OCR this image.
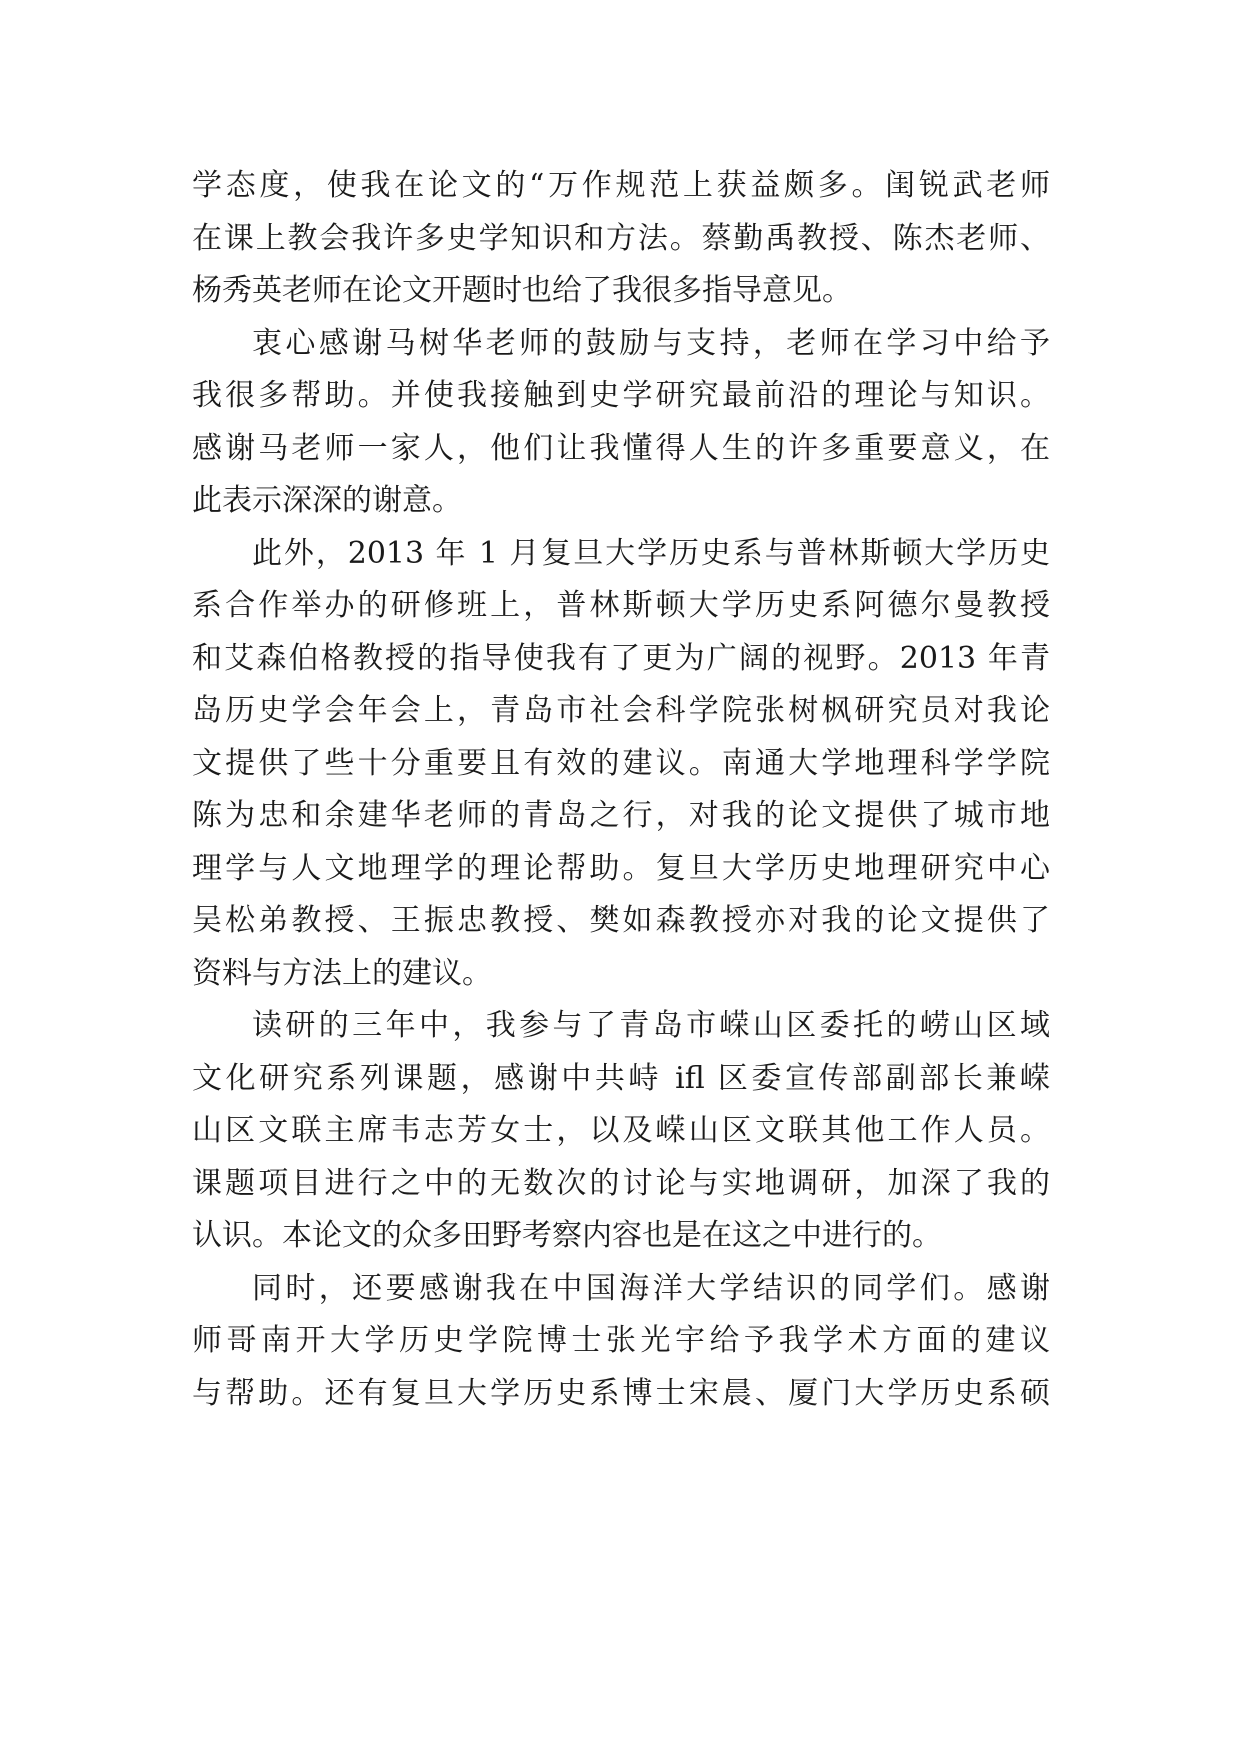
学态度，使我在论文的“万作规范上获益颇多。闺锐武老师
在课上教会我许多史学知识和方法。蔡勤禹教授、陈杰老师、
杨秀英老师在论文开题时也给了我很多指导意见。
衷心感谢马树华老师的鼓励与支持，老师在学习中给予
我很多帮助。并使我接触到史学研究最前沿的理论与知识。
感谢马老师一家人，他们让我懂得人生的许多重要意义，在
此表示深深的谢意。
此外，2013 年 1 月复旦大学历史系与普林斯顿大学历史
系合作举办的研修班上，普林斯顿大学历史系阿德尔曼教授
和艾森伯格教授的指导使我有了更为广阔的视野。2013 年青
岛历史学会年会上，青岛市社会科学院张树枫研究员对我论
文提供了些十分重要且有效的建议。南通大学地理科学学院
陈为忠和余建华老师的青岛之行，对我的论文提供了城市地
理学与人文地理学的理论帮助。复旦大学历史地理研究中心
吴松弟教授、王振忠教授、樊如森教授亦对我的论文提供了
资料与方法上的建议。
读研的三年中，我参与了青岛市嵘山区委托的崂山区域
文化研究系列课题，感谢中共峙 ifl 区委宣传部副部长兼嵘
山区文联主席韦志芳女士，以及嵘山区文联其他工作人员。
课题项目进行之中的无数次的讨论与实地调研，加深了我的
认识。本论文的众多田野考察内容也是在这之中进行的。
同时，还要感谢我在中国海洋大学结识的同学们。感谢
师哥南开大学历史学院博士张光宇给予我学术方面的建议
与帮助。还有复旦大学历史系博士宋晨、厦门大学历史系硕
